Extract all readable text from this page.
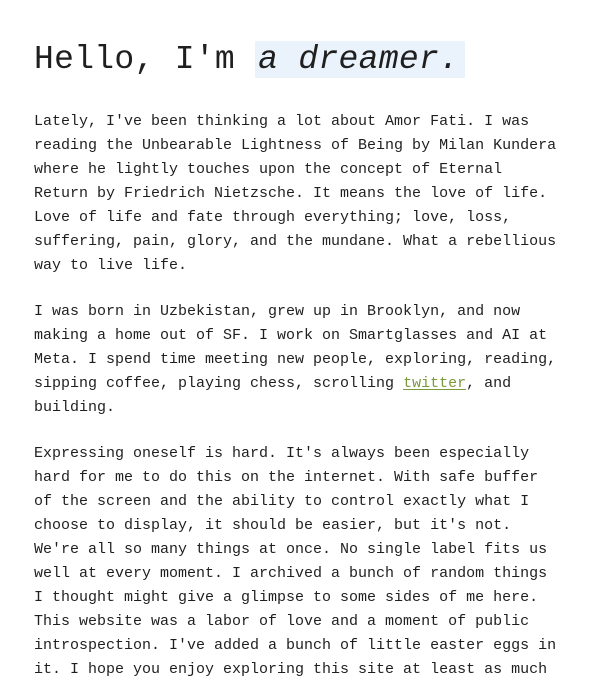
Hello, I'm a dreamer.

Lately, I've been thinking a lot about Amor Fati. I was
reading the Unbearable Lightness of Being by Milan Kundera
where he lightly touches upon the concept of Eternal
Return by Friedrich Nietzsche. It means the love of life.
Love of life and fate through everything; love, loss,
suffering, pain, glory, and the mundane. What a rebellious
way to live life.

I was born in Uzbekistan, grew up in Brooklyn, and now
making a home out of SF. I work on Smartglasses and AI at
Meta. I spend time meeting new people, exploring, reading,
sipping coffee, playing chess, scrolling twitter, and
building.

Expressing oneself is hard. It's always been especially
hard for me to do this on the internet. With safe buffer
of the screen and the ability to control exactly what I
choose to display, it should be easier, but it's not.
We're all so many things at once. No single label fits us
well at every moment. I archived a bunch of random things
I thought might give a glimpse to some sides of me here.
This website was a labor of love and a moment of public
introspection. I've added a bunch of little easter eggs in
it. I hope you enjoy exploring this site at least as much
